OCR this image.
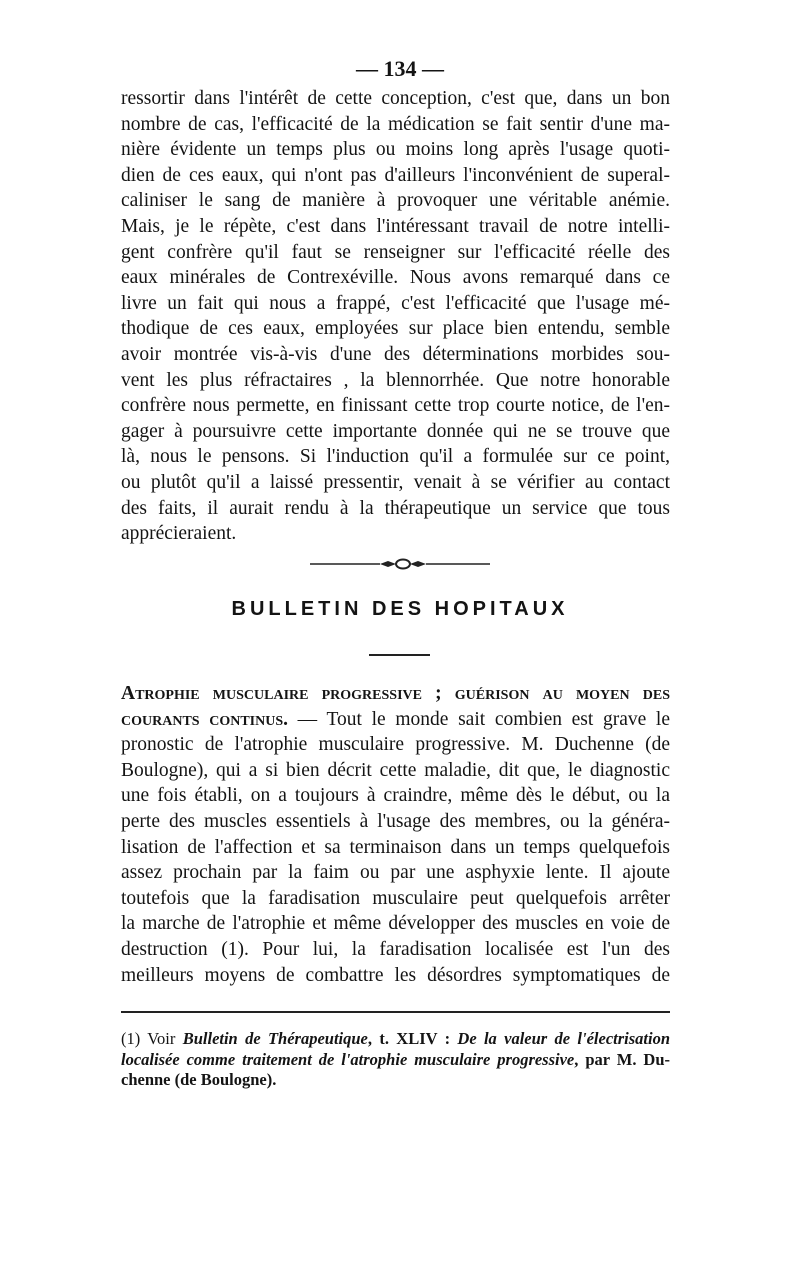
— 134 —
ressortir dans l'intérêt de cette conception, c'est que, dans un bon
nombre de cas, l'efficacité de la médication se fait sentir d'une ma-
nière évidente un temps plus ou moins long après l'usage quoti-
dien de ces eaux, qui n'ont pas d'ailleurs l'inconvénient de superal-
caliniser le sang de manière à provoquer une véritable anémie.
Mais, je le répète, c'est dans l'intéressant travail de notre intelli-
gent confrère qu'il faut se renseigner sur l'efficacité réelle des
eaux minérales de Contrexéville. Nous avons remarqué dans ce
livre un fait qui nous a frappé, c'est l'efficacité que l'usage mé-
thodique de ces eaux, employées sur place bien entendu, semble
avoir montrée vis-à-vis d'une des déterminations morbides sou-
vent les plus réfractaires , la blennorrhée. Que notre honorable
confrère nous permette, en finissant cette trop courte notice, de l'en-
gager à poursuivre cette importante donnée qui ne se trouve que
là, nous le pensons. Si l'induction qu'il a formulée sur ce point,
ou plutôt qu'il a laissé pressentir, venait à se vérifier au contact
des faits, il aurait rendu à la thérapeutique un service que tous
apprécieraient.
BULLETIN DES HOPITAUX
Atrophie musculaire progressive ; guérison au moyen des
courants continus. — Tout le monde sait combien est grave le
pronostic de l'atrophie musculaire progressive. M. Duchenne (de
Boulogne), qui a si bien décrit cette maladie, dit que, le diagnostic
une fois établi, on a toujours à craindre, même dès le début, ou la
perte des muscles essentiels à l'usage des membres, ou la généra-
lisation de l'affection et sa terminaison dans un temps quelquefois
assez prochain par la faim ou par une asphyxie lente. Il ajoute
toutefois que la faradisation musculaire peut quelquefois arrêter
la marche de l'atrophie et même développer des muscles en voie de
destruction (1). Pour lui, la faradisation localisée est l'un des
meilleurs moyens de combattre les désordres symptomatiques de
(1) Voir Bulletin de Thérapeutique, t. XLIV : De la valeur de l'électrisation
localisée comme traitement de l'atrophie musculaire progressive, par M. Du-
chenne (de Boulogne).
